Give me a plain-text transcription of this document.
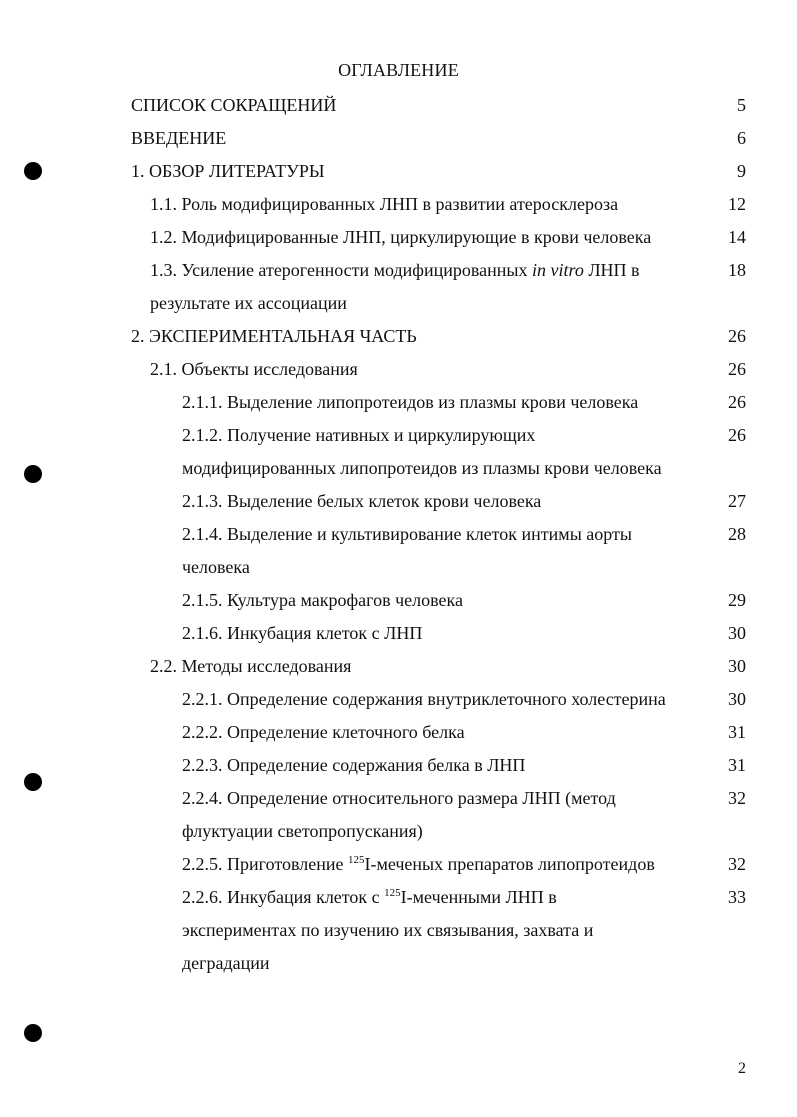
ОГЛАВЛЕНИЕ
СПИСОК СОКРАЩЕНИЙ	5
ВВЕДЕНИЕ	6
1. ОБЗОР ЛИТЕРАТУРЫ	9
1.1. Роль модифицированных ЛНП в развитии атеросклероза	12
1.2. Модифицированные ЛНП, циркулирующие в крови человека	14
1.3. Усиление атерогенности модифицированных in vitro ЛНП в	18
результате их ассоциации
2. ЭКСПЕРИМЕНТАЛЬНАЯ ЧАСТЬ	26
2.1. Объекты исследования	26
2.1.1. Выделение липопротеидов из плазмы крови человека	26
2.1.2. Получение нативных и циркулирующих	26
модифицированных липопротеидов из плазмы крови человека
2.1.3. Выделение белых клеток крови человека	27
2.1.4. Выделение и культивирование клеток интимы аорты	28
человека
2.1.5. Культура макрофагов человека	29
2.1.6. Инкубация клеток с ЛНП	30
2.2. Методы исследования	30
2.2.1. Определение содержания внутриклеточного холестерина	30
2.2.2. Определение клеточного белка	31
2.2.3. Определение содержания белка в ЛНП	31
2.2.4. Определение относительного размера ЛНП (метод	32
флуктуации светопропускания)
2.2.5. Приготовление $^{125}$I-меченых препаратов липопротеидов	32
2.2.6. Инкубация клеток с $^{125}$I-меченными ЛНП в	33
экспериментах по изучению их связывания, захвата и
деградации
2
